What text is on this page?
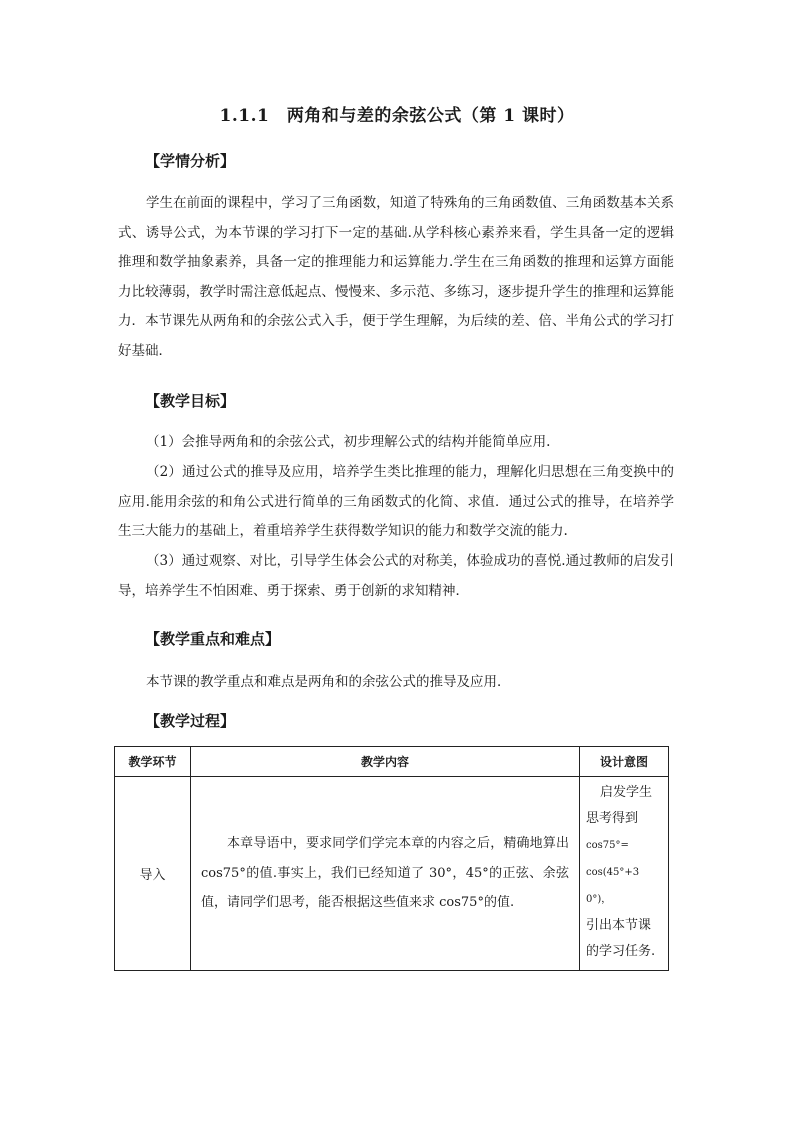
1.1.1　两角和与差的余弦公式（第 1 课时）
【学情分析】

学生在前面的课程中，学习了三角函数，知道了特殊角的三角函数值、三角函数基本关系式、诱导公式，为本节课的学习打下一定的基础.从学科核心素养来看，学生具备一定的逻辑推理和数学抽象素养，具备一定的推理能力和运算能力.学生在三角函数的推理和运算方面能力比较薄弱，教学时需注意低起点、慢慢来、多示范、多练习，逐步提升学生的推理和运算能力．本节课先从两角和的余弦公式入手，便于学生理解，为后续的差、倍、半角公式的学习打好基础．

【教学目标】

（1）会推导两角和的余弦公式，初步理解公式的结构并能简单应用.

（2）通过公式的推导及应用，培养学生类比推理的能力，理解化归思想在三角变换中的应用.能用余弦的和角公式进行简单的三角函数式的化简、求值．通过公式的推导，在培养学生三大能力的基础上，着重培养学生获得数学知识的能力和数学交流的能力.

（3）通过观察、对比，引导学生体会公式的对称美，体验成功的喜悦.通过教师的启发引导，培养学生不怕困难、勇于探索、勇于创新的求知精神．

【教学重点和难点】

本节课的教学重点和难点是两角和的余弦公式的推导及应用．

【教学过程】
教学环节	教学内容	设计意图
导入	本章导语中，要求同学们学完本章的内容之后，精确地算出cos75°的值.事实上，我们已经知道了 30°，45°的正弦、余弦值，请同学们思考，能否根据这些值来求 cos75°的值.	启发学生思考得到
cos75°=
cos(45°+30°)，
引出本节课的学习任务.
